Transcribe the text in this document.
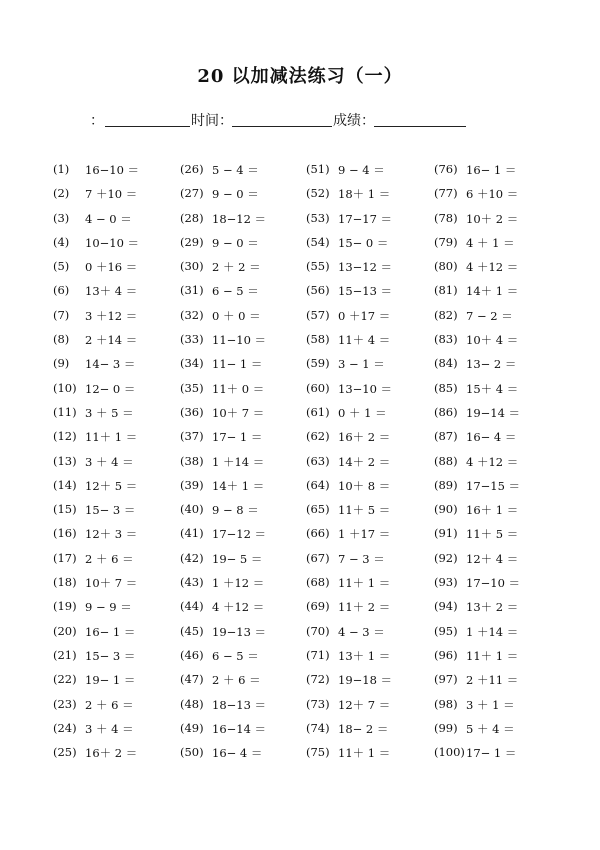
20 以加减法练习（一）
：	时间：	成绩：
(1) 16−10 ＝
(2) 7 ＋10 ＝
(3) 4 − 0 ＝
(4) 10−10 ＝
(5) 0 ＋16 ＝
(6) 13＋ 4 ＝
(7) 3 ＋12 ＝
(8) 2 ＋14 ＝
(9) 14− 3 ＝
(10) 12− 0 ＝
(11) 3 ＋ 5 ＝
(12) 11＋ 1 ＝
(13) 3 ＋ 4 ＝
(14) 12＋ 5 ＝
(15) 15− 3 ＝
(16) 12＋ 3 ＝
(17) 2 ＋ 6 ＝
(18) 10＋ 7 ＝
(19) 9 − 9 ＝
(20) 16− 1 ＝
(21) 15− 3 ＝
(22) 19− 1 ＝
(23) 2 ＋ 6 ＝
(24) 3 ＋ 4 ＝
(25) 16＋ 2 ＝
(26) 5 − 4 ＝
(27) 9 − 0 ＝
(28) 18−12 ＝
(29) 9 − 0 ＝
(30) 2 ＋ 2 ＝
(31) 6 − 5 ＝
(32) 0 ＋ 0 ＝
(33) 11−10 ＝
(34) 11− 1 ＝
(35) 11＋ 0 ＝
(36) 10＋ 7 ＝
(37) 17− 1 ＝
(38) 1 ＋14 ＝
(39) 14＋ 1 ＝
(40) 9 − 8 ＝
(41) 17−12 ＝
(42) 19− 5 ＝
(43) 1 ＋12 ＝
(44) 4 ＋12 ＝
(45) 19−13 ＝
(46) 6 − 5 ＝
(47) 2 ＋ 6 ＝
(48) 18−13 ＝
(49) 16−14 ＝
(50) 16− 4 ＝
(51) 9 − 4 ＝
(52) 18＋ 1 ＝
(53) 17−17 ＝
(54) 15− 0 ＝
(55) 13−12 ＝
(56) 15−13 ＝
(57) 0 ＋17 ＝
(58) 11＋ 4 ＝
(59) 3 − 1 ＝
(60) 13−10 ＝
(61) 0 ＋ 1 ＝
(62) 16＋ 2 ＝
(63) 14＋ 2 ＝
(64) 10＋ 8 ＝
(65) 11＋ 5 ＝
(66) 1 ＋17 ＝
(67) 7 − 3 ＝
(68) 11＋ 1 ＝
(69) 11＋ 2 ＝
(70) 4 − 3 ＝
(71) 13＋ 1 ＝
(72) 19−18 ＝
(73) 12＋ 7 ＝
(74) 18− 2 ＝
(75) 11＋ 1 ＝
(76) 16− 1 ＝
(77) 6 ＋10 ＝
(78) 10＋ 2 ＝
(79) 4 ＋ 1 ＝
(80) 4 ＋12 ＝
(81) 14＋ 1 ＝
(82) 7 − 2 ＝
(83) 10＋ 4 ＝
(84) 13− 2 ＝
(85) 15＋ 4 ＝
(86) 19−14 ＝
(87) 16− 4 ＝
(88) 4 ＋12 ＝
(89) 17−15 ＝
(90) 16＋ 1 ＝
(91) 11＋ 5 ＝
(92) 12＋ 4 ＝
(93) 17−10 ＝
(94) 13＋ 2 ＝
(95) 1 ＋14 ＝
(96) 11＋ 1 ＝
(97) 2 ＋11 ＝
(98) 3 ＋ 1 ＝
(99) 5 ＋ 4 ＝
(100) 17− 1 ＝
